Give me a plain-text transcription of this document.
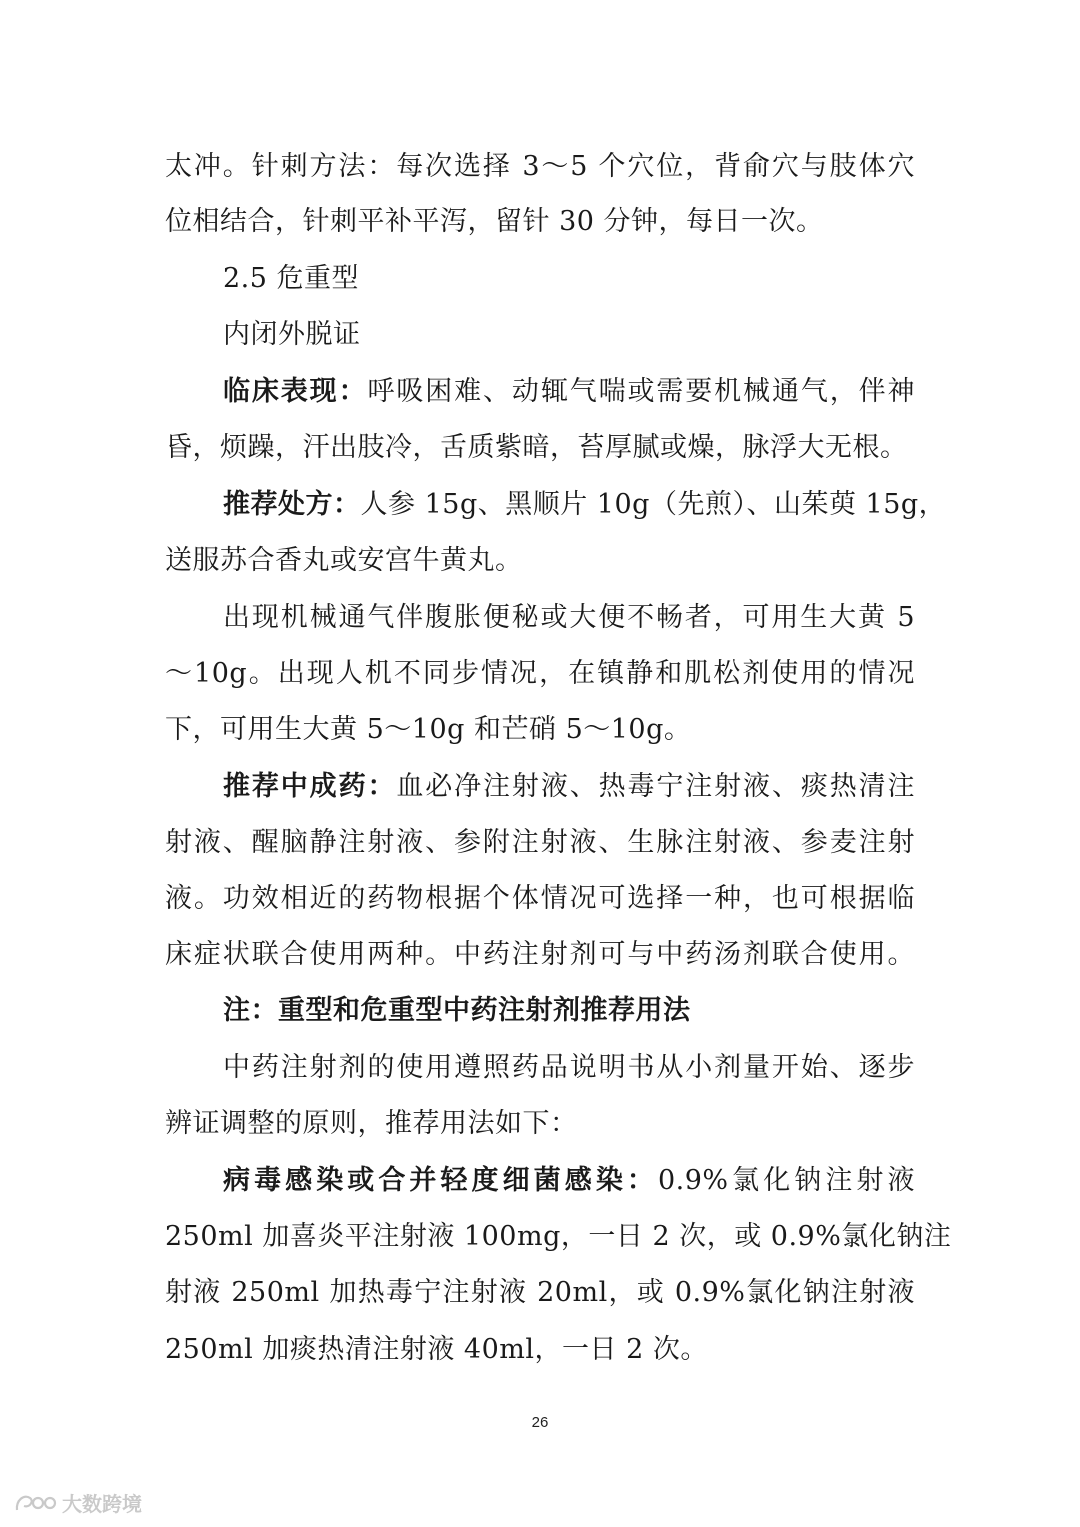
太冲。针刺方法：每次选择 3～5 个穴位，背俞穴与肢体穴
位相结合，针刺平补平泻，留针 30 分钟，每日一次。
2.5 危重型
内闭外脱证
临床表现：呼吸困难、动辄气喘或需要机械通气，伴神
昏，烦躁，汗出肢冷，舌质紫暗，苔厚腻或燥，脉浮大无根。
推荐处方：人参 15g、黑顺片 10g（先煎）、山茱萸 15g，
送服苏合香丸或安宫牛黄丸。
出现机械通气伴腹胀便秘或大便不畅者，可用生大黄 5
～10g。出现人机不同步情况，在镇静和肌松剂使用的情况
下，可用生大黄 5～10g 和芒硝 5～10g。
推荐中成药：血必净注射液、热毒宁注射液、痰热清注
射液、醒脑静注射液、参附注射液、生脉注射液、参麦注射
液。功效相近的药物根据个体情况可选择一种，也可根据临
床症状联合使用两种。中药注射剂可与中药汤剂联合使用。
注：重型和危重型中药注射剂推荐用法
中药注射剂的使用遵照药品说明书从小剂量开始、逐步
辨证调整的原则，推荐用法如下：
病毒感染或合并轻度细菌感染：0.9%氯化钠注射液
250ml 加喜炎平注射液 100mg，一日 2 次，或 0.9%氯化钠注
射液 250ml 加热毒宁注射液 20ml，或 0.9%氯化钠注射液
250ml 加痰热清注射液 40ml，一日 2 次。
26
大数跨境
